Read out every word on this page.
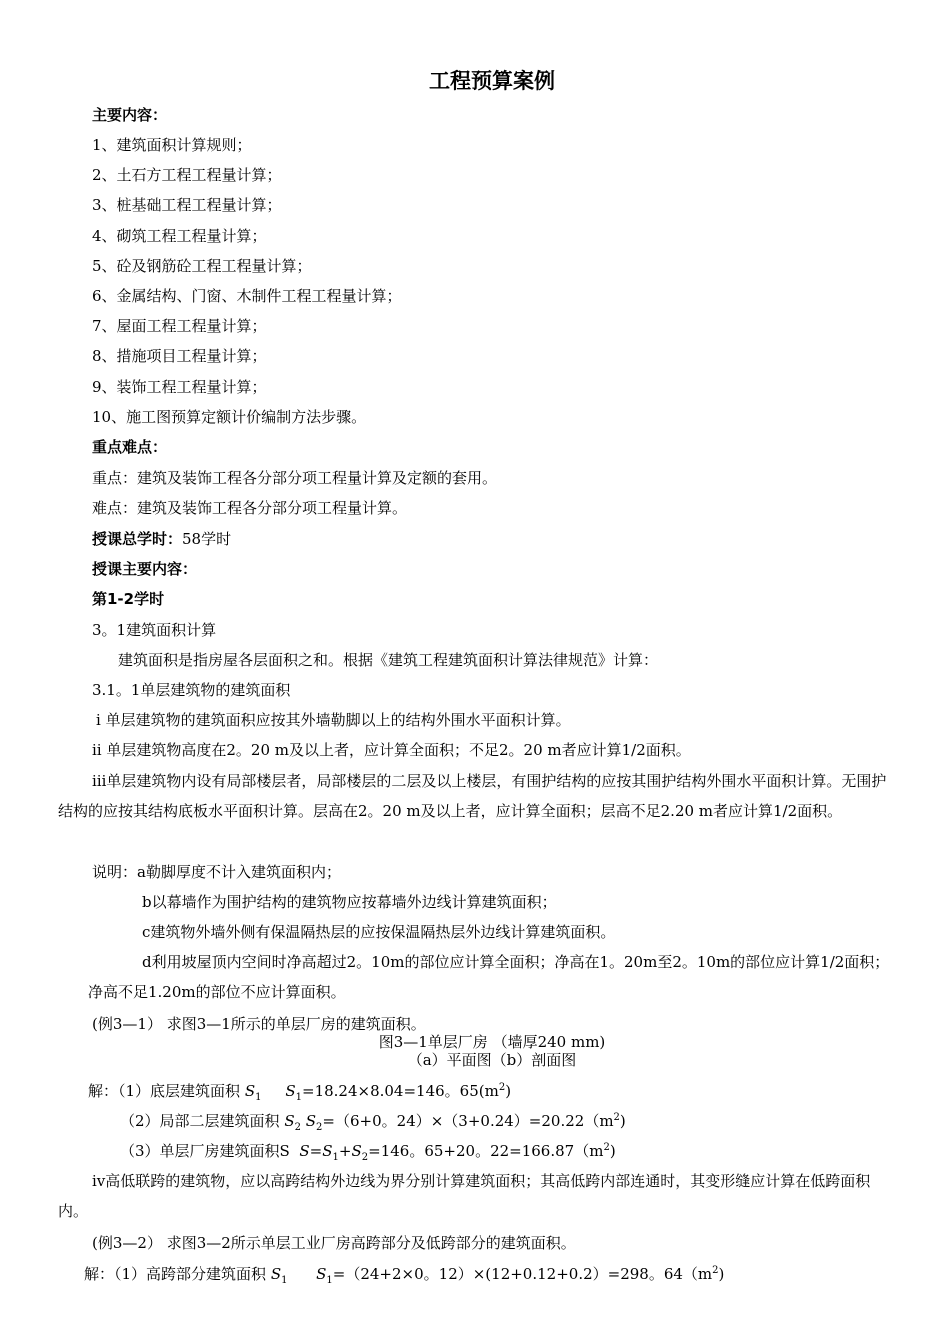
工程预算案例
主要内容：
1、建筑面积计算规则；
2、土石方工程工程量计算；
3、桩基础工程工程量计算；
4、砌筑工程工程量计算；
5、砼及钢筋砼工程工程量计算；
6、金属结构、门窗、木制件工程工程量计算；
7、屋面工程工程量计算；
8、措施项目工程量计算；
9、装饰工程工程量计算；
10、施工图预算定额计价编制方法步骤。
重点难点：
重点：建筑及装饰工程各分部分项工程量计算及定额的套用。
难点：建筑及装饰工程各分部分项工程量计算。
授课总学时：58学时
授课主要内容：
第1-2学时
3。1建筑面积计算
建筑面积是指房屋各层面积之和。根据《建筑工程建筑面积计算法律规范》计算：
3.1。1单层建筑物的建筑面积
ⅰ 单层建筑物的建筑面积应按其外墙勒脚以上的结构外围水平面积计算。
ⅱ 单层建筑物高度在2。20 m及以上者，应计算全面积；不足2。20 m者应计算1/2面积。
ⅲ单层建筑物内设有局部楼层者，局部楼层的二层及以上楼层，有围护结构的应按其围护结构外围水平面积计算。无围护结构的应按其结构底板水平面积计算。层高在2。20 m及以上者，应计算全面积；层高不足2.20 m者应计算1/2面积。
说明：a勒脚厚度不计入建筑面积内；
b以幕墙作为围护结构的建筑物应按幕墙外边线计算建筑面积；
c建筑物外墙外侧有保温隔热层的应按保温隔热层外边线计算建筑面积。
d利用坡屋顶内空间时净高超过2。10m的部位应计算全面积；净高在1。20m至2。10m的部位应计算1/2面积；净高不足1.20m的部位不应计算面积。
(例3—1） 求图3—1所示的单层厂房的建筑面积。
图3—1单层厂房 （墙厚240 mm)
（a）平面图（b）剖面图
解：（1）底层建筑面积 $S_1$ $S_1=18.24\times 8.04=146$。$65(m^2)$
（2）局部二层建筑面积 $S_2$ $S_2=(6+0$。$24)\times(3+0.24)=20.22(m^2)$
（3）单层厂房建筑面积S $S=S_1+S_2=146$。65+20。$22=166.87(m^2)$
ⅳ高低联跨的建筑物，应以高跨结构外边线为界分别计算建筑面积；其高低跨内部连通时，其变形缝应计算在低跨面积内。
(例3—2） 求图3—2所示单层工业厂房高跨部分及低跨部分的建筑面积。
解：（1）高跨部分建筑面积 $S_1$ $S_1=(24+2\times 0$。12）×(12+0.12+0.2）=298。$64(m^2)$
